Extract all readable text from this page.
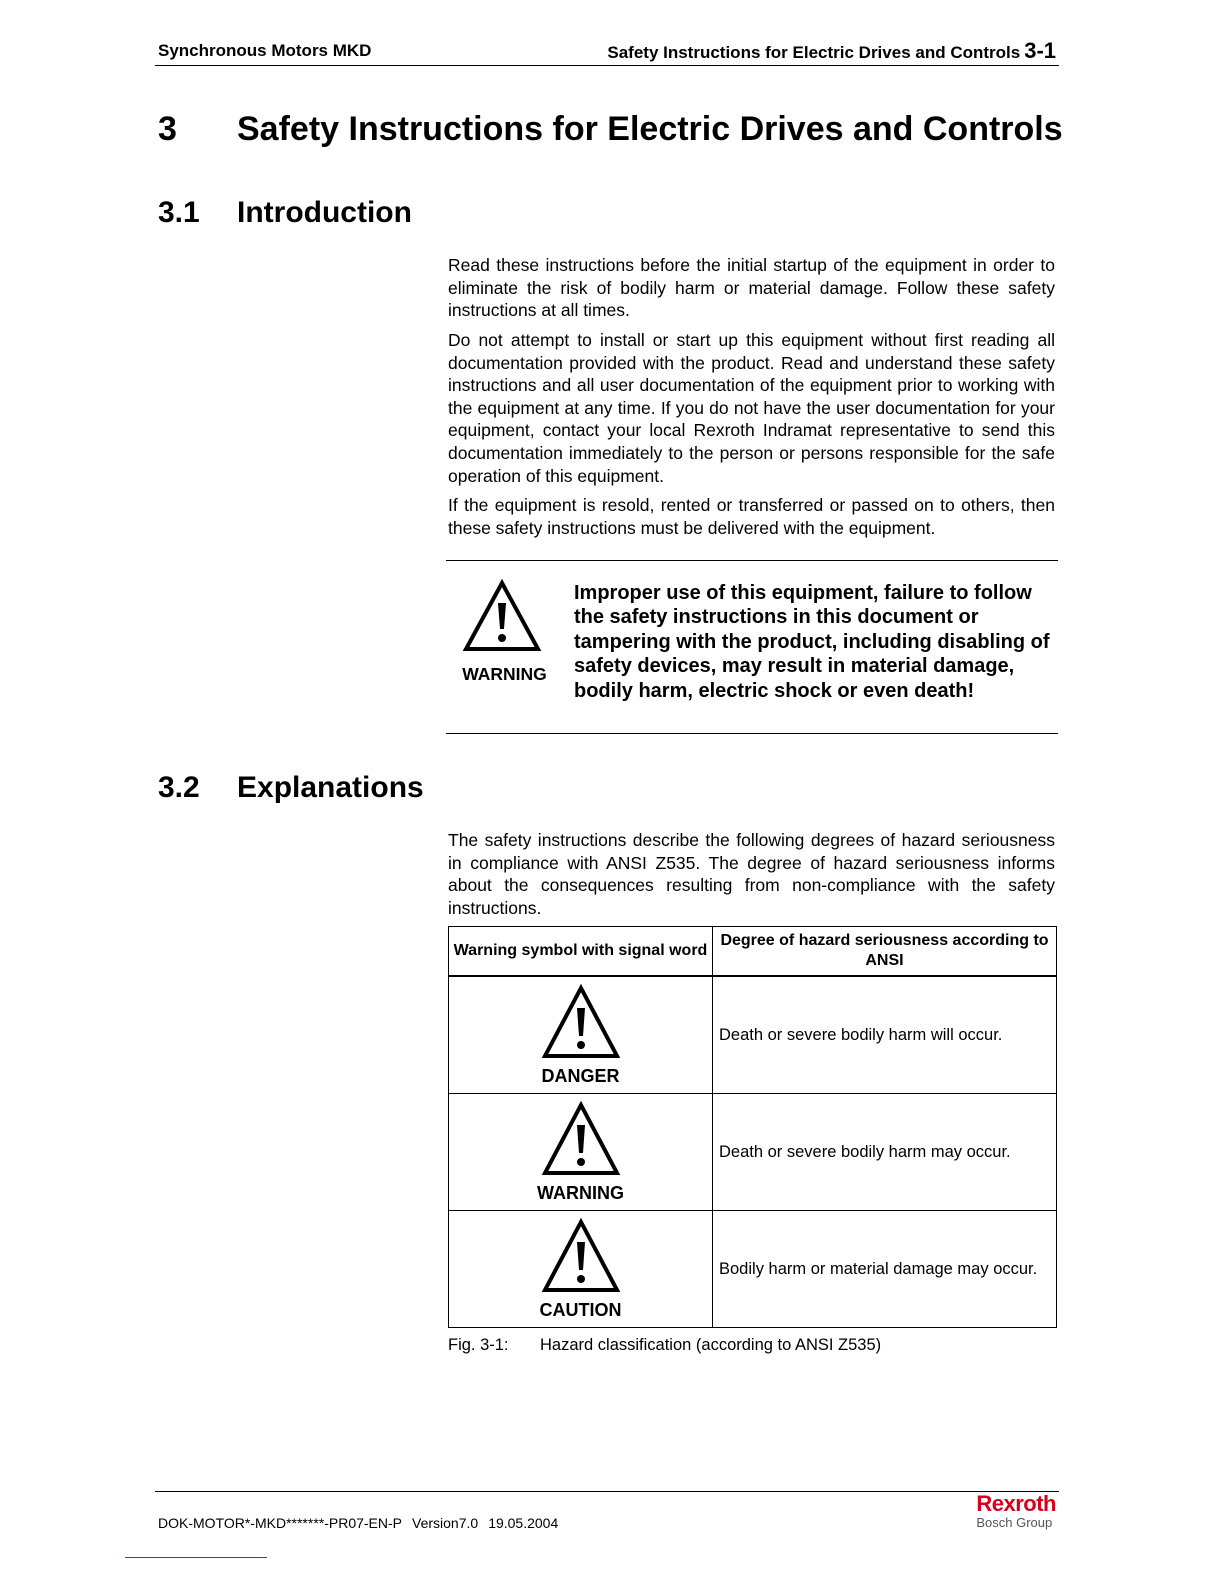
Synchronous Motors MKD	Safety Instructions for Electric Drives and Controls 3-1
3 Safety Instructions for Electric Drives and Controls
3.1 Introduction

Read these instructions before the initial startup of the equipment in order to eliminate the risk of bodily harm or material damage. Follow these safety instructions at all times.

Do not attempt to install or start up this equipment without first reading all documentation provided with the product. Read and understand these safety instructions and all user documentation of the equipment prior to working with the equipment at any time. If you do not have the user documentation for your equipment, contact your local Rexroth Indramat representative to send this documentation immediately to the person or persons responsible for the safe operation of this equipment.

If the equipment is resold, rented or transferred or passed on to others, then these safety instructions must be delivered with the equipment.

WARNING
Improper use of this equipment, failure to follow the safety instructions in this document or tampering with the product, including disabling of safety devices, may result in material damage, bodily harm, electric shock or even death!
3.2 Explanations

The safety instructions describe the following degrees of hazard seriousness in compliance with ANSI Z535. The degree of hazard seriousness informs about the consequences resulting from non-compliance with the safety instructions.

Warning symbol with signal word	Degree of hazard seriousness according to ANSI

DANGER	Death or severe bodily harm will occur.

WARNING	Death or severe bodily harm may occur.

CAUTION	Bodily harm or material damage may occur.
Fig. 3-1: Hazard classification (according to ANSI Z535)
DOK-MOTOR*-MKD*******-PR07-EN-P Version7.0 19.05.2004
Rexroth
Bosch Group
